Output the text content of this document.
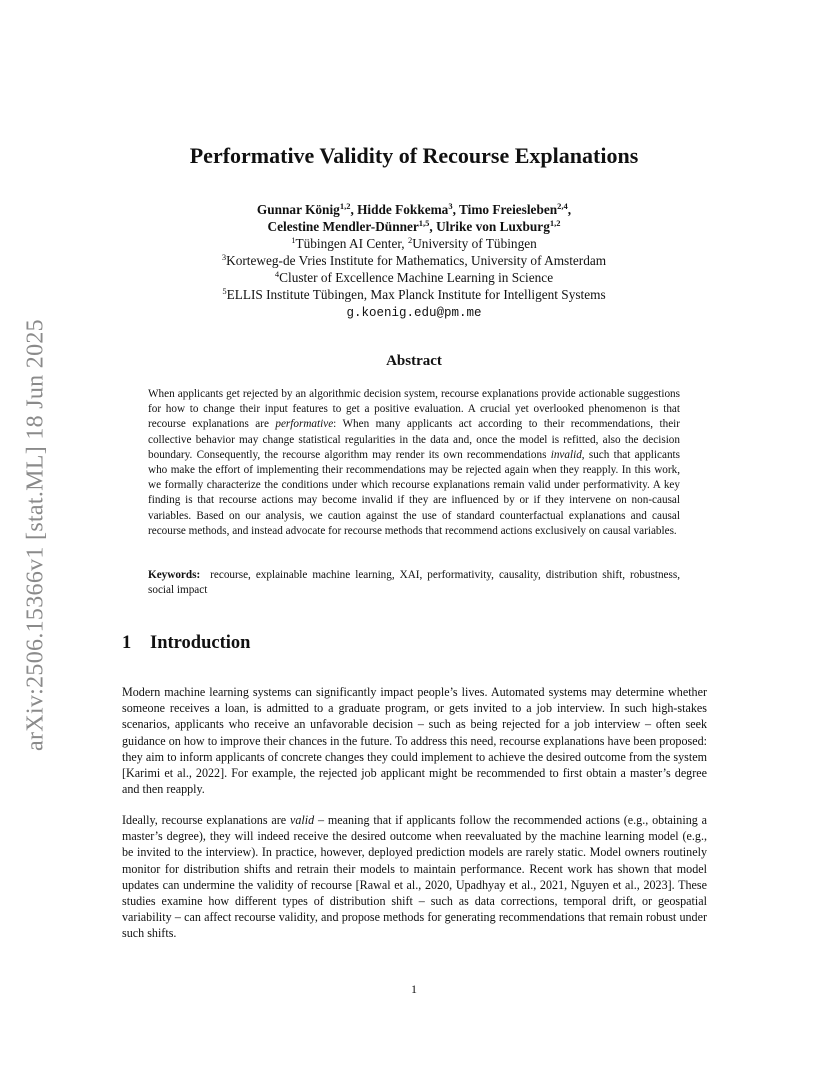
arXiv:2506.15366v1 [stat.ML] 18 Jun 2025
Performative Validity of Recourse Explanations
Gunnar König$^{1,2}$, Hidde Fokkema$^3$, Timo Freiesleben$^{2,4}$,
Celestine Mendler-Dünner$^{1,5}$, Ulrike von Luxburg$^{1,2}$
$^1$Tübingen AI Center, $^2$University of Tübingen
$^3$Korteweg-de Vries Institute for Mathematics, University of Amsterdam
$^4$Cluster of Excellence Machine Learning in Science
$^5$ELLIS Institute Tübingen, Max Planck Institute for Intelligent Systems
g.koenig.edu@pm.me
Abstract

When applicants get rejected by an algorithmic decision system, recourse explanations provide actionable suggestions for how to change their input features to get a positive evaluation. A crucial yet overlooked phenomenon is that recourse explanations are performative: When many applicants act according to their recommendations, their collective behavior may change statistical regularities in the data and, once the model is refitted, also the decision boundary. Consequently, the recourse algorithm may render its own recommendations invalid, such that applicants who make the effort of implementing their recommendations may be rejected again when they reapply. In this work, we formally characterize the conditions under which recourse explanations remain valid under performativity. A key finding is that recourse actions may become invalid if they are influenced by or if they intervene on non-causal variables. Based on our analysis, we caution against the use of standard counterfactual explanations and causal recourse methods, and instead advocate for recourse methods that recommend actions exclusively on causal variables.

Keywords: recourse, explainable machine learning, XAI, performativity, causality, distribution shift, robustness, social impact

1 Introduction

Modern machine learning systems can significantly impact people’s lives. Automated systems may determine whether someone receives a loan, is admitted to a graduate program, or gets invited to a job interview. In such high-stakes scenarios, applicants who receive an unfavorable decision – such as being rejected for a job interview – often seek guidance on how to improve their chances in the future. To address this need, recourse explanations have been proposed: they aim to inform applicants of concrete changes they could implement to achieve the desired outcome from the system [Karimi et al., 2022]. For example, the rejected job applicant might be recommended to first obtain a master’s degree and then reapply.

Ideally, recourse explanations are valid – meaning that if applicants follow the recommended actions (e.g., obtaining a master’s degree), they will indeed receive the desired outcome when reevaluated by the machine learning model (e.g., be invited to the interview). In practice, however, deployed prediction models are rarely static. Model owners routinely monitor for distribution shifts and retrain their models to maintain performance. Recent work has shown that model updates can undermine the validity of recourse [Rawal et al., 2020, Upadhyay et al., 2021, Nguyen et al., 2023]. These studies examine how different types of distribution shift – such as data corrections, temporal drift, or geospatial variability – can affect recourse validity, and propose methods for generating recommendations that remain robust under such shifts.

1
